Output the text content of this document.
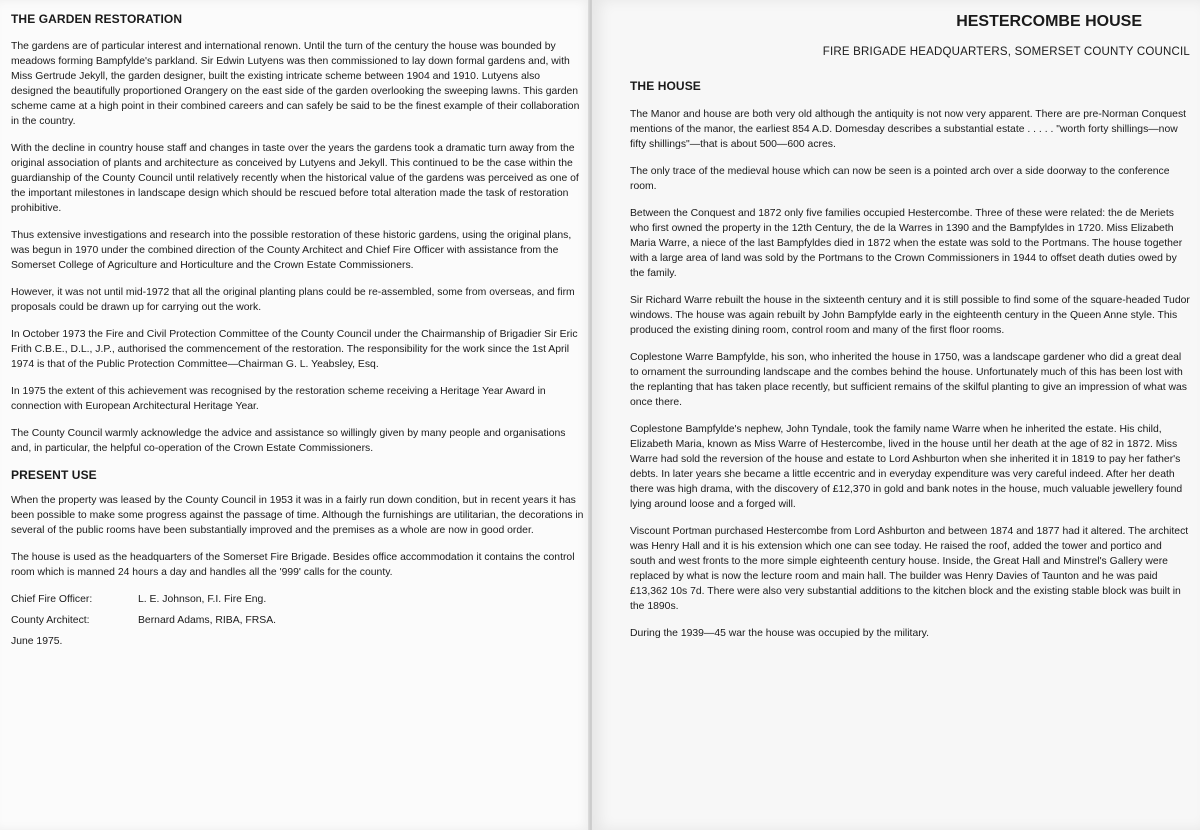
THE GARDEN RESTORATION

The gardens are of particular interest and international renown. Until the turn of the century the house was bounded by meadows forming Bampfylde's parkland. Sir Edwin Lutyens was then commissioned to lay down formal gardens and, with Miss Gertrude Jekyll, the garden designer, built the existing intricate scheme between 1904 and 1910. Lutyens also designed the beautifully proportioned Orangery on the east side of the garden overlooking the sweeping lawns. This garden scheme came at a high point in their combined careers and can safely be said to be the finest example of their collaboration in the country.

With the decline in country house staff and changes in taste over the years the gardens took a dramatic turn away from the original association of plants and architecture as conceived by Lutyens and Jekyll. This continued to be the case within the guardianship of the County Council until relatively recently when the historical value of the gardens was perceived as one of the important milestones in landscape design which should be rescued before total alteration made the task of restoration prohibitive.

Thus extensive investigations and research into the possible restoration of these historic gardens, using the original plans, was begun in 1970 under the combined direction of the County Architect and Chief Fire Officer with assistance from the Somerset College of Agriculture and Horticulture and the Crown Estate Commissioners.

However, it was not until mid-1972 that all the original planting plans could be re-assembled, some from overseas, and firm proposals could be drawn up for carrying out the work.

In October 1973 the Fire and Civil Protection Committee of the County Council under the Chairmanship of Brigadier Sir Eric Frith C.B.E., D.L., J.P., authorised the commencement of the restoration. The responsibility for the work since the 1st April 1974 is that of the Public Protection Committee—Chairman G. L. Yeabsley, Esq.

In 1975 the extent of this achievement was recognised by the restoration scheme receiving a Heritage Year Award in connection with European Architectural Heritage Year.

The County Council warmly acknowledge the advice and assistance so willingly given by many people and organisations and, in particular, the helpful co-operation of the Crown Estate Commissioners.

PRESENT USE

When the property was leased by the County Council in 1953 it was in a fairly run down condition, but in recent years it has been possible to make some progress against the passage of time. Although the furnishings are utilitarian, the decorations in several of the public rooms have been substantially improved and the premises as a whole are now in good order.

The house is used as the headquarters of the Somerset Fire Brigade. Besides office accommodation it contains the control room which is manned 24 hours a day and handles all the '999' calls for the county.

Chief Fire Officer:	L. E. Johnson, F.I. Fire Eng.
County Architect:	Bernard Adams, RIBA, FRSA.
June 1975.
HESTERCOMBE HOUSE
FIRE BRIGADE HEADQUARTERS, SOMERSET COUNTY COUNCIL
THE HOUSE

The Manor and house are both very old although the antiquity is not now very apparent. There are pre-Norman Conquest mentions of the manor, the earliest 854 A.D. Domesday describes a substantial estate . . . . . "worth forty shillings—now fifty shillings"—that is about 500—600 acres.

The only trace of the medieval house which can now be seen is a pointed arch over a side doorway to the conference room.

Between the Conquest and 1872 only five families occupied Hestercombe. Three of these were related: the de Meriets who first owned the property in the 12th Century, the de la Warres in 1390 and the Bampfyldes in 1720. Miss Elizabeth Maria Warre, a niece of the last Bampfyldes died in 1872 when the estate was sold to the Portmans. The house together with a large area of land was sold by the Portmans to the Crown Commissioners in 1944 to offset death duties owed by the family.

Sir Richard Warre rebuilt the house in the sixteenth century and it is still possible to find some of the square-headed Tudor windows. The house was again rebuilt by John Bampfylde early in the eighteenth century in the Queen Anne style. This produced the existing dining room, control room and many of the first floor rooms.

Coplestone Warre Bampfylde, his son, who inherited the house in 1750, was a landscape gardener who did a great deal to ornament the surrounding landscape and the combes behind the house. Unfortunately much of this has been lost with the replanting that has taken place recently, but sufficient remains of the skilful planting to give an impression of what was once there.

Coplestone Bampfylde's nephew, John Tyndale, took the family name Warre when he inherited the estate. His child, Elizabeth Maria, known as Miss Warre of Hestercombe, lived in the house until her death at the age of 82 in 1872. Miss Warre had sold the reversion of the house and estate to Lord Ashburton when she inherited it in 1819 to pay her father's debts. In later years she became a little eccentric and in everyday expenditure was very careful indeed. After her death there was high drama, with the discovery of £12,370 in gold and bank notes in the house, much valuable jewellery found lying around loose and a forged will.

Viscount Portman purchased Hestercombe from Lord Ashburton and between 1874 and 1877 had it altered. The architect was Henry Hall and it is his extension which one can see today. He raised the roof, added the tower and portico and south and west fronts to the more simple eighteenth century house. Inside, the Great Hall and Minstrel's Gallery were replaced by what is now the lecture room and main hall. The builder was Henry Davies of Taunton and he was paid £13,362 10s 7d. There were also very substantial additions to the kitchen block and the existing stable block was built in the 1890s.

During the 1939—45 war the house was occupied by the military.
